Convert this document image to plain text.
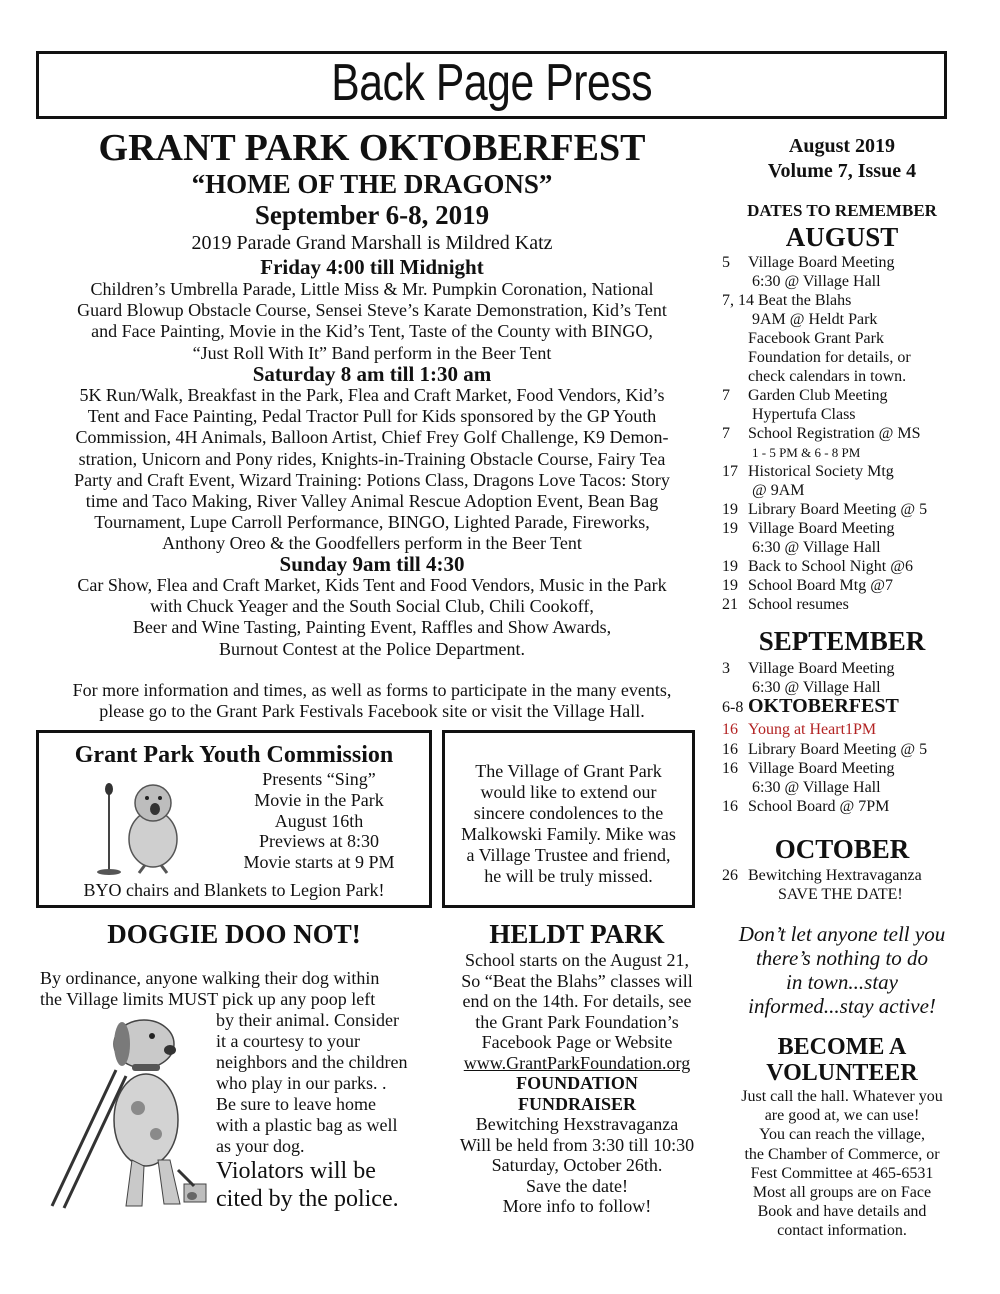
Back Page Press
GRANT PARK OKTOBERFEST
“HOME OF THE DRAGONS”
September 6-8, 2019
2019 Parade Grand Marshall is Mildred Katz
Friday 4:00 till Midnight
Children’s Umbrella Parade, Little Miss & Mr. Pumpkin Coronation, National
Guard Blowup Obstacle Course, Sensei Steve’s Karate Demonstration, Kid’s Tent
and Face Painting, Movie in the Kid’s Tent, Taste of the County with BINGO,
“Just Roll With It” Band perform in the Beer Tent
Saturday 8 am till 1:30 am
5K Run/Walk, Breakfast in the Park, Flea and Craft Market, Food Vendors, Kid’s
Tent and Face Painting, Pedal Tractor Pull for Kids sponsored by the GP Youth
Commission, 4H Animals, Balloon Artist, Chief Frey Golf Challenge, K9 Demon-
stration, Unicorn and Pony rides, Knights-in-Training Obstacle Course, Fairy Tea
Party and Craft Event, Wizard Training: Potions Class, Dragons Love Tacos: Story
time and Taco Making, River Valley Animal Rescue Adoption Event, Bean Bag
Tournament, Lupe Carroll Performance, BINGO, Lighted Parade, Fireworks,
Anthony Oreo & the Goodfellers perform in the Beer Tent
Sunday 9am till 4:30
Car Show, Flea and Craft Market, Kids Tent and Food Vendors, Music in the Park
with Chuck Yeager and the South Social Club, Chili Cookoff,
Beer and Wine Tasting, Painting Event, Raffles and Show Awards,
Burnout Contest at the Police Department.
For more information and times, as well as forms to participate in the many events,
please go to the Grant Park Festivals Facebook site or visit the Village Hall.
Grant Park Youth Commission
Presents “Sing”
Movie in the Park
August 16th
Previews at 8:30
Movie starts at 9 PM
BYO chairs and Blankets to Legion Park!
The Village of Grant Park
would like to extend our
sincere condolences to the
Malkowski Family. Mike was
a Village Trustee and friend,
he will be truly missed.
DOGGIE DOO NOT!
By ordinance, anyone walking their dog within
the Village limits MUST pick up any poop left
by their animal. Consider
it a courtesy to your
neighbors and the children
who play in our parks. .
Be sure to leave home
with a plastic bag as well
as your dog.
Violators will be
cited by the police.
HELDT PARK
School starts on the August 21,
So “Beat the Blahs” classes will
end on the 14th. For details, see
the Grant Park Foundation’s
Facebook Page or Website
www.GrantParkFoundation.org
FOUNDATION
FUNDRAISER
Bewitching Hexstravaganza
Will be held from 3:30 till 10:30
Saturday, October 26th.
Save the date!
More info to follow!
August 2019
Volume 7, Issue 4
DATES TO REMEMBER
AUGUST
5 Village Board Meeting
6:30 @ Village Hall
7, 14 Beat the Blahs
9AM @ Heldt Park
Facebook Grant Park
Foundation for details, or
check calendars in town.
7 Garden Club Meeting
Hypertufa Class
7 School Registration @ MS
1 - 5 PM & 6 - 8 PM
17 Historical Society Mtg
@ 9AM
19 Library Board Meeting @ 5
19 Village Board Meeting
6:30 @ Village Hall
19 Back to School Night @6
19 School Board Mtg @7
21 School resumes
SEPTEMBER
3 Village Board Meeting
6:30 @ Village Hall
6-8 OKTOBERFEST
16 Young at Heart1PM
16 Library Board Meeting @ 5
16 Village Board Meeting
6:30 @ Village Hall
16 School Board @ 7PM
OCTOBER
26 Bewitching Hextravaganza
SAVE THE DATE!
Don’t let anyone tell you
there’s nothing to do
in town...stay
informed...stay active!
BECOME A
VOLUNTEER
Just call the hall. Whatever you
are good at, we can use!
You can reach the village,
the Chamber of Commerce, or
Fest Committee at 465-6531
Most all groups are on Face
Book and have details and
contact information.
